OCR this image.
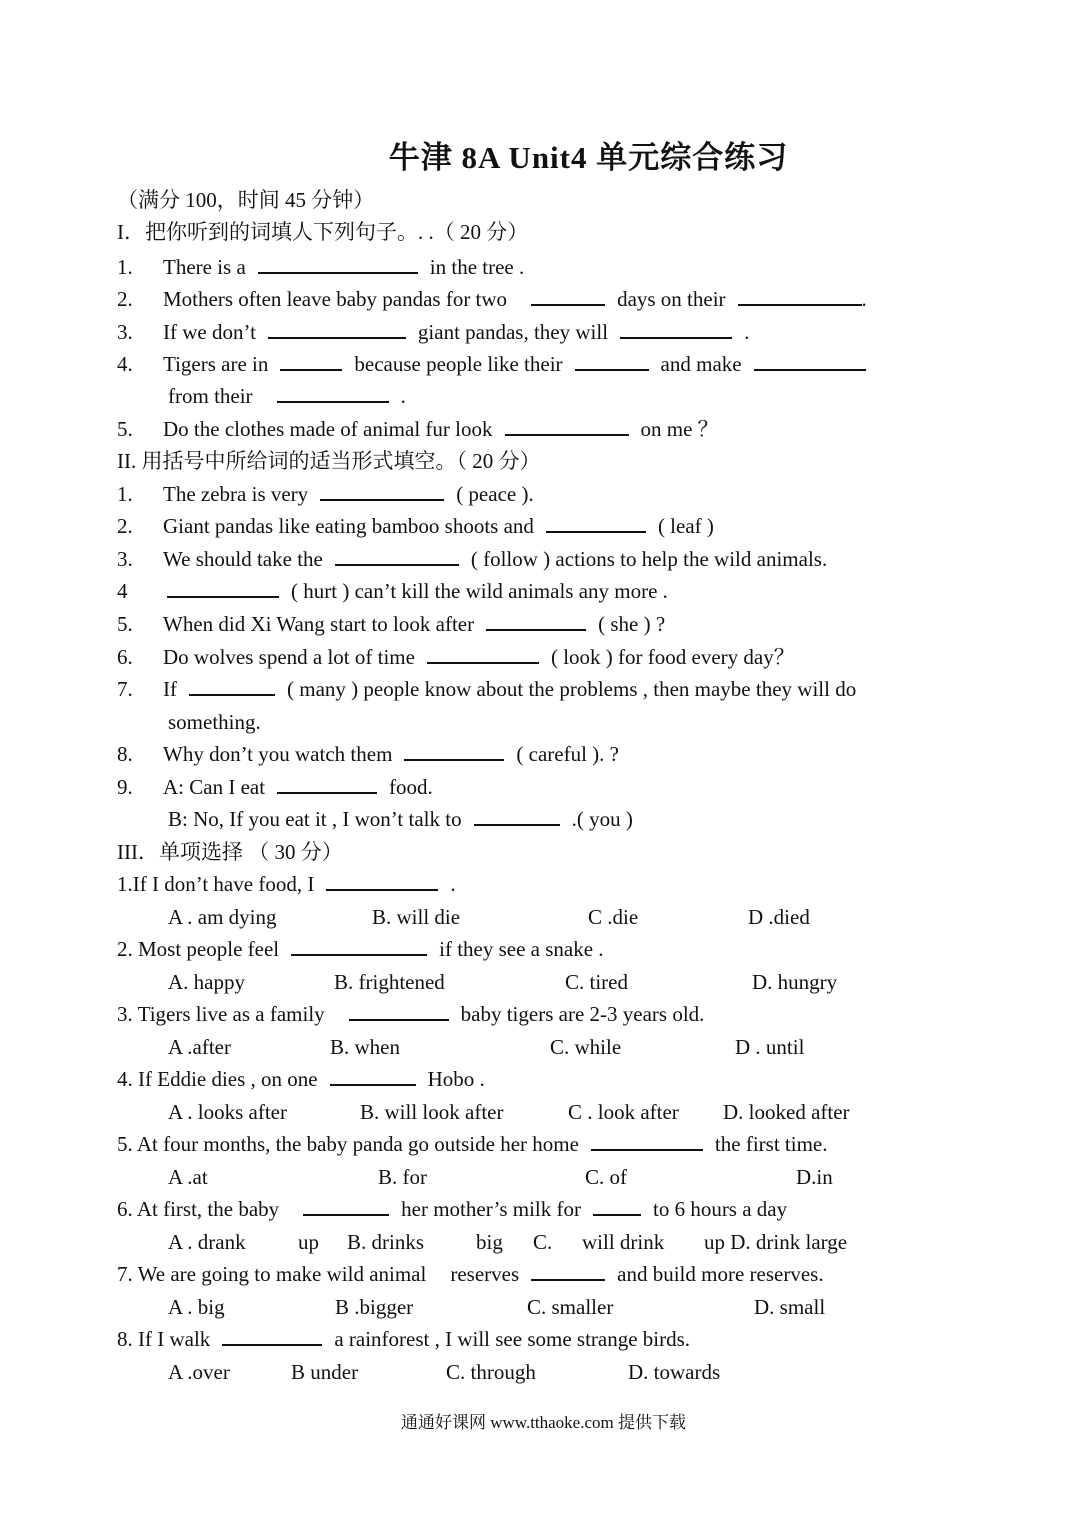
牛津 8A Unit4 单元综合练习
（满分 100，时间 45 分钟）
I．把你听到的词填人下列句子。. .（ 20 分）
1. There is a	in the tree .
2. Mothers often leave baby pandas for two	days on their	.
3. If we don’t	giant pandas, they will	.
4. Tigers are in	because people like their	and make
from their	.
5. Do the clothes made of animal fur look	on me ？
II. 用括号中所给词的适当形式填空。（ 20 分）
1. The zebra is very	( peace ).
2. Giant pandas like eating bamboo shoots and	( leaf )
3. We should take the	( follow ) actions to help the wild animals.
4	( hurt ) can’t kill the wild animals any more .
5. When did Xi Wang start to look after	( she ) ?
6. Do wolves spend a lot of time	( look ) for food every day？
7. If	( many ) people know about the problems , then maybe they will do
something.
8. Why don’t you watch them	( careful ). ?
9. A: Can I eat	food.
B: No, If you eat it , I won’t talk to	.( you )
III．单项选择 （ 30 分）
1.If I don’t have food, I	.
A . am dying	B. will die	C .die	D .died
2. Most people feel	if they see a snake .
A. happy	B. frightened	C. tired	D. hungry
3. Tigers live as a family	baby tigers are 2-3 years old.
A .after	B. when	C. while	D . until
4. If Eddie dies , on one	Hobo .
A . looks after	B. will look after	C . look after D. looked after
5. At four months, the baby panda go outside her home	the first time.
A .at	B. for	C. of	D.in
6. At first, the baby	her mother’s milk for	to 6 hours a day
A . drank up B. drinks big C. will drink up D. drink large
7. We are going to make wild animal reserves	and build more reserves.
A . big	B .bigger	C. smaller	D. small
8. If I walk	a rainforest , I will see some strange birds.
A .over	B under	C. through	D. towards
通通好课网 www.tthaoke.com 提供下载
